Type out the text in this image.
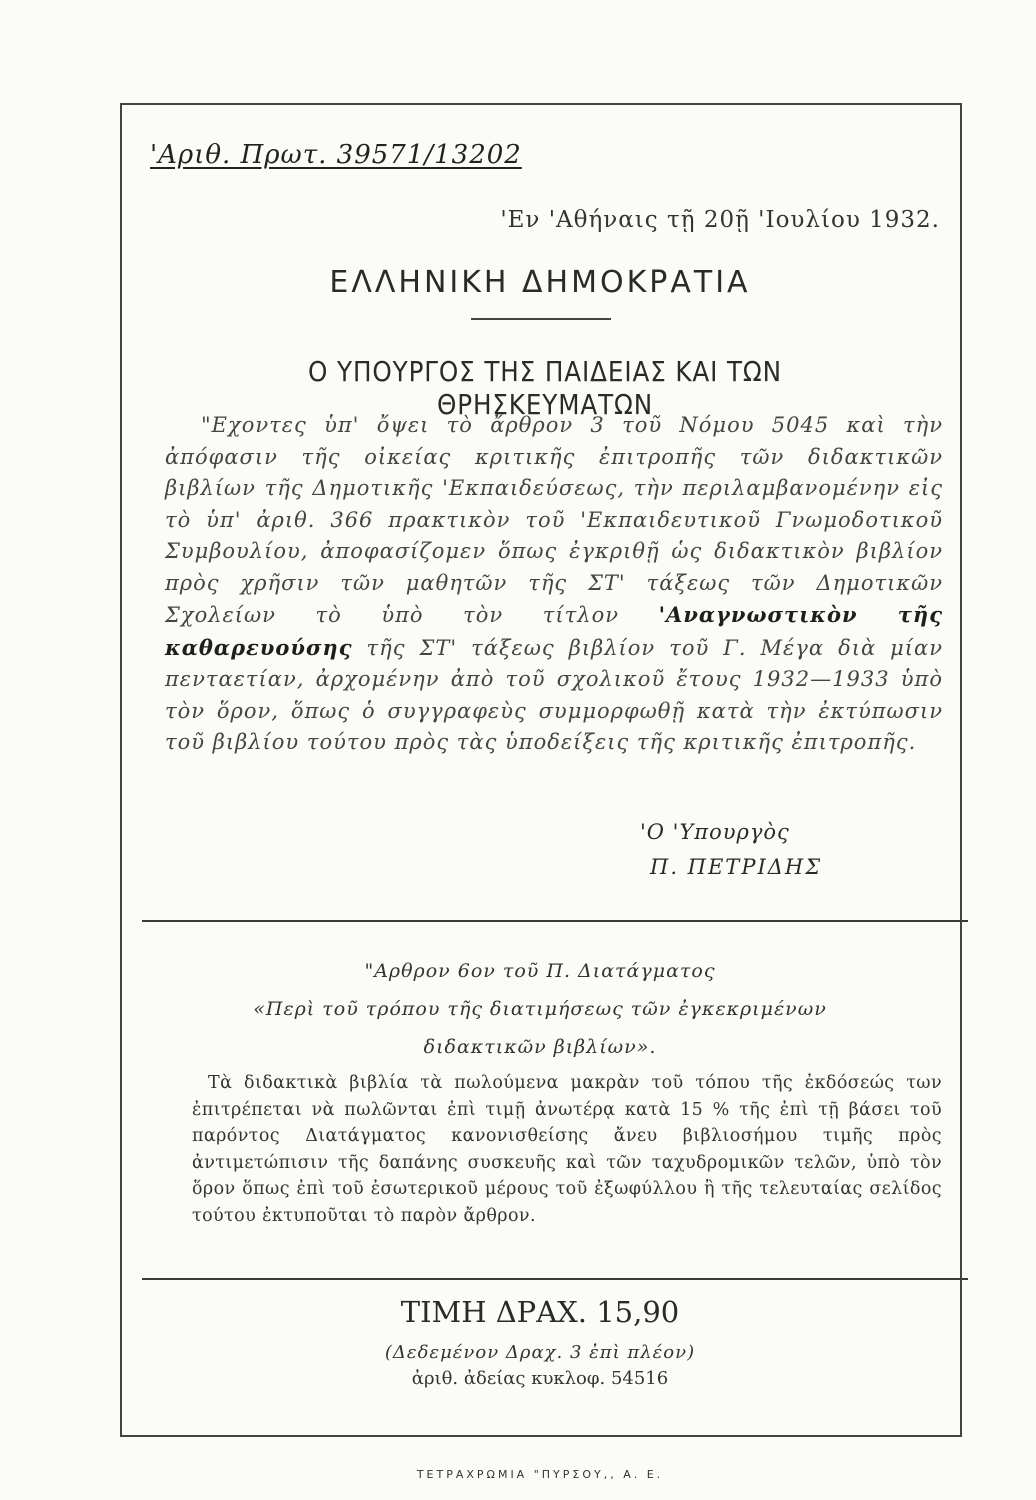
'Αριθ. Πρωτ. 39571/13202
'Εν 'Αθήναις τῇ 20ῇ 'Ιουλίου 1932.
ΕΛΛΗΝΙΚΗ ΔΗΜΟΚΡΑΤΙΑ
Ο ΥΠΟΥΡΓΟΣ ΤΗΣ ΠΑΙΔΕΙΑΣ ΚΑΙ ΤΩΝ ΘΡΗΣΚΕΥΜΑΤΩΝ
"Εχοντες ὑπ' ὄψει τὸ ἄρθρον 3 τοῦ Νόμου 5045 καὶ τὴν ἀπόφασιν τῆς οἰκείας κριτικῆς ἐπιτροπῆς τῶν διδακτικῶν βιβλίων τῆς Δημοτικῆς 'Εκπαιδεύσεως, τὴν περιλαμβανομένην εἰς τὸ ὑπ' ἀριθ. 366 πρακτικὸν τοῦ 'Εκπαιδευτικοῦ Γνωμοδοτικοῦ Συμβουλίου, ἀποφασίζομεν ὅπως ἐγκριθῇ ὡς διδακτικὸν βιβλίον πρὸς χρῆσιν τῶν μαθητῶν τῆς ΣΤ' τάξεως τῶν Δημοτικῶν Σχολείων τὸ ὑπὸ τὸν τίτλον 'Αναγνωστικὸν τῆς καθαρευούσης τῆς ΣΤ' τάξεως βιβλίον τοῦ Γ. Μέγα διὰ μίαν πενταετίαν, ἀρχομένην ἀπὸ τοῦ σχολικοῦ ἔτους 1932—1933 ὑπὸ τὸν ὅρον, ὅπως ὁ συγγραφεὺς συμμορφωθῇ κατὰ τὴν ἐκτύπωσιν τοῦ βιβλίου τούτου πρὸς τὰς ὑποδείξεις τῆς κριτικῆς ἐπιτροπῆς.
'Ο 'Υπουργὸς
Π. ΠΕΤΡΙΔΗΣ
"Αρθρον 6ον τοῦ Π. Διατάγματος
«Περὶ τοῦ τρόπου τῆς διατιμήσεως τῶν ἐγκεκριμένων
διδακτικῶν βιβλίων».
Τὰ διδακτικὰ βιβλία τὰ πωλούμενα μακρὰν τοῦ τόπου τῆς ἐκδόσεώς των ἐπιτρέπεται νὰ πωλῶνται ἐπὶ τιμῇ ἀνωτέρᾳ κατὰ 15 % τῆς ἐπὶ τῇ βάσει τοῦ παρόντος Διατάγματος κανονισθείσης ἄνευ βιβλιοσήμου τιμῆς πρὸς ἀντιμετώπισιν τῆς δαπάνης συσκευῆς καὶ τῶν ταχυδρομικῶν τελῶν, ὑπὸ τὸν ὅρον ὅπως ἐπὶ τοῦ ἐσωτερικοῦ μέρους τοῦ ἐξωφύλλου ἢ τῆς τελευταίας σελίδος τούτου ἐκτυποῦται τὸ παρὸν ἄρθρον.
ΤΙΜΗ ΔΡΑΧ. 15,90
(Δεδεμένον Δραχ. 3 ἐπὶ πλέον)
ἀριθ. ἀδείας κυκλοφ. 54516
ΤΕΤΡΑΧΡΩΜΙΑ "ΠΥΡΣΟΥ,, Α. Ε.
